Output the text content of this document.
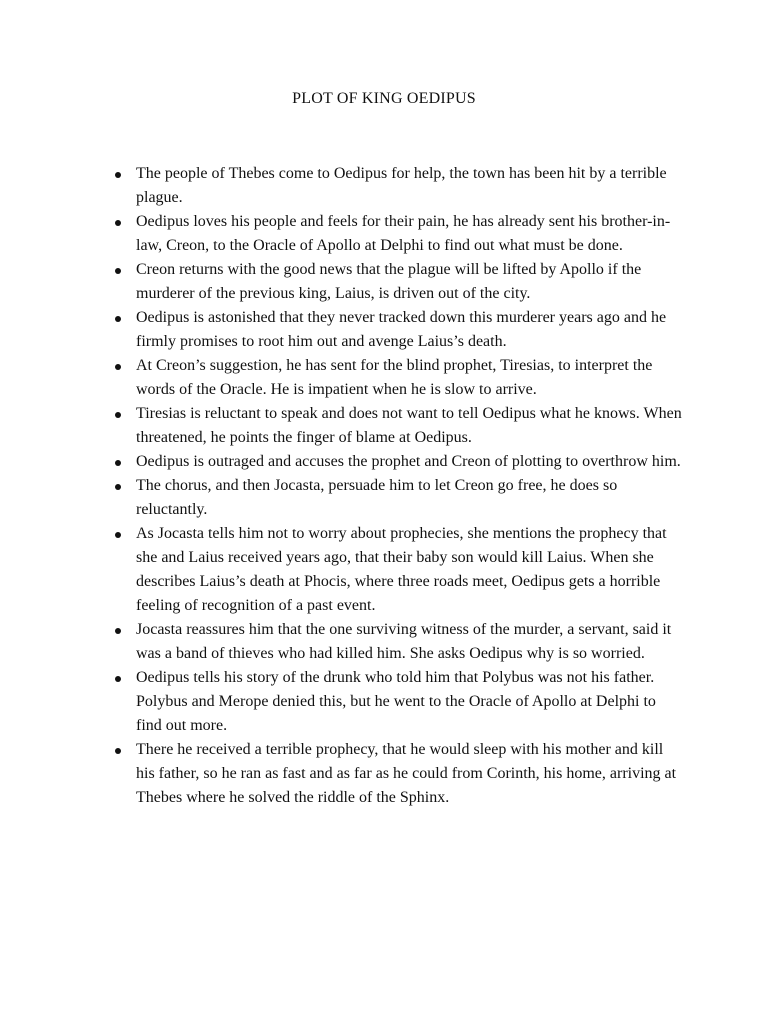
PLOT OF KING OEDIPUS
The people of Thebes come to Oedipus for help, the town has been hit by a terrible plague.
Oedipus loves his people and feels for their pain, he has already sent his brother-in-law, Creon, to the Oracle of Apollo at Delphi to find out what must be done.
Creon returns with the good news that the plague will be lifted by Apollo if the murderer of the previous king, Laius, is driven out of the city.
Oedipus is astonished that they never tracked down this murderer years ago and he firmly promises to root him out and avenge Laius’s death.
At Creon’s suggestion, he has sent for the blind prophet, Tiresias, to interpret the words of the Oracle. He is impatient when he is slow to arrive.
Tiresias is reluctant to speak and does not want to tell Oedipus what he knows. When threatened, he points the finger of blame at Oedipus.
Oedipus is outraged and accuses the prophet and Creon of plotting to overthrow him.
The chorus, and then Jocasta, persuade him to let Creon go free, he does so reluctantly.
As Jocasta tells him not to worry about prophecies, she mentions the prophecy that she and Laius received years ago, that their baby son would kill Laius. When she describes Laius’s death at Phocis, where three roads meet, Oedipus gets a horrible feeling of recognition of a past event.
Jocasta reassures him that the one surviving witness of the murder, a servant, said it was a band of thieves who had killed him. She asks Oedipus why is so worried.
Oedipus tells his story of the drunk who told him that Polybus was not his father. Polybus and Merope denied this, but he went to the Oracle of Apollo at Delphi to find out more.
There he received a terrible prophecy, that he would sleep with his mother and kill his father, so he ran as fast and as far as he could from Corinth, his home, arriving at Thebes where he solved the riddle of the Sphinx.
